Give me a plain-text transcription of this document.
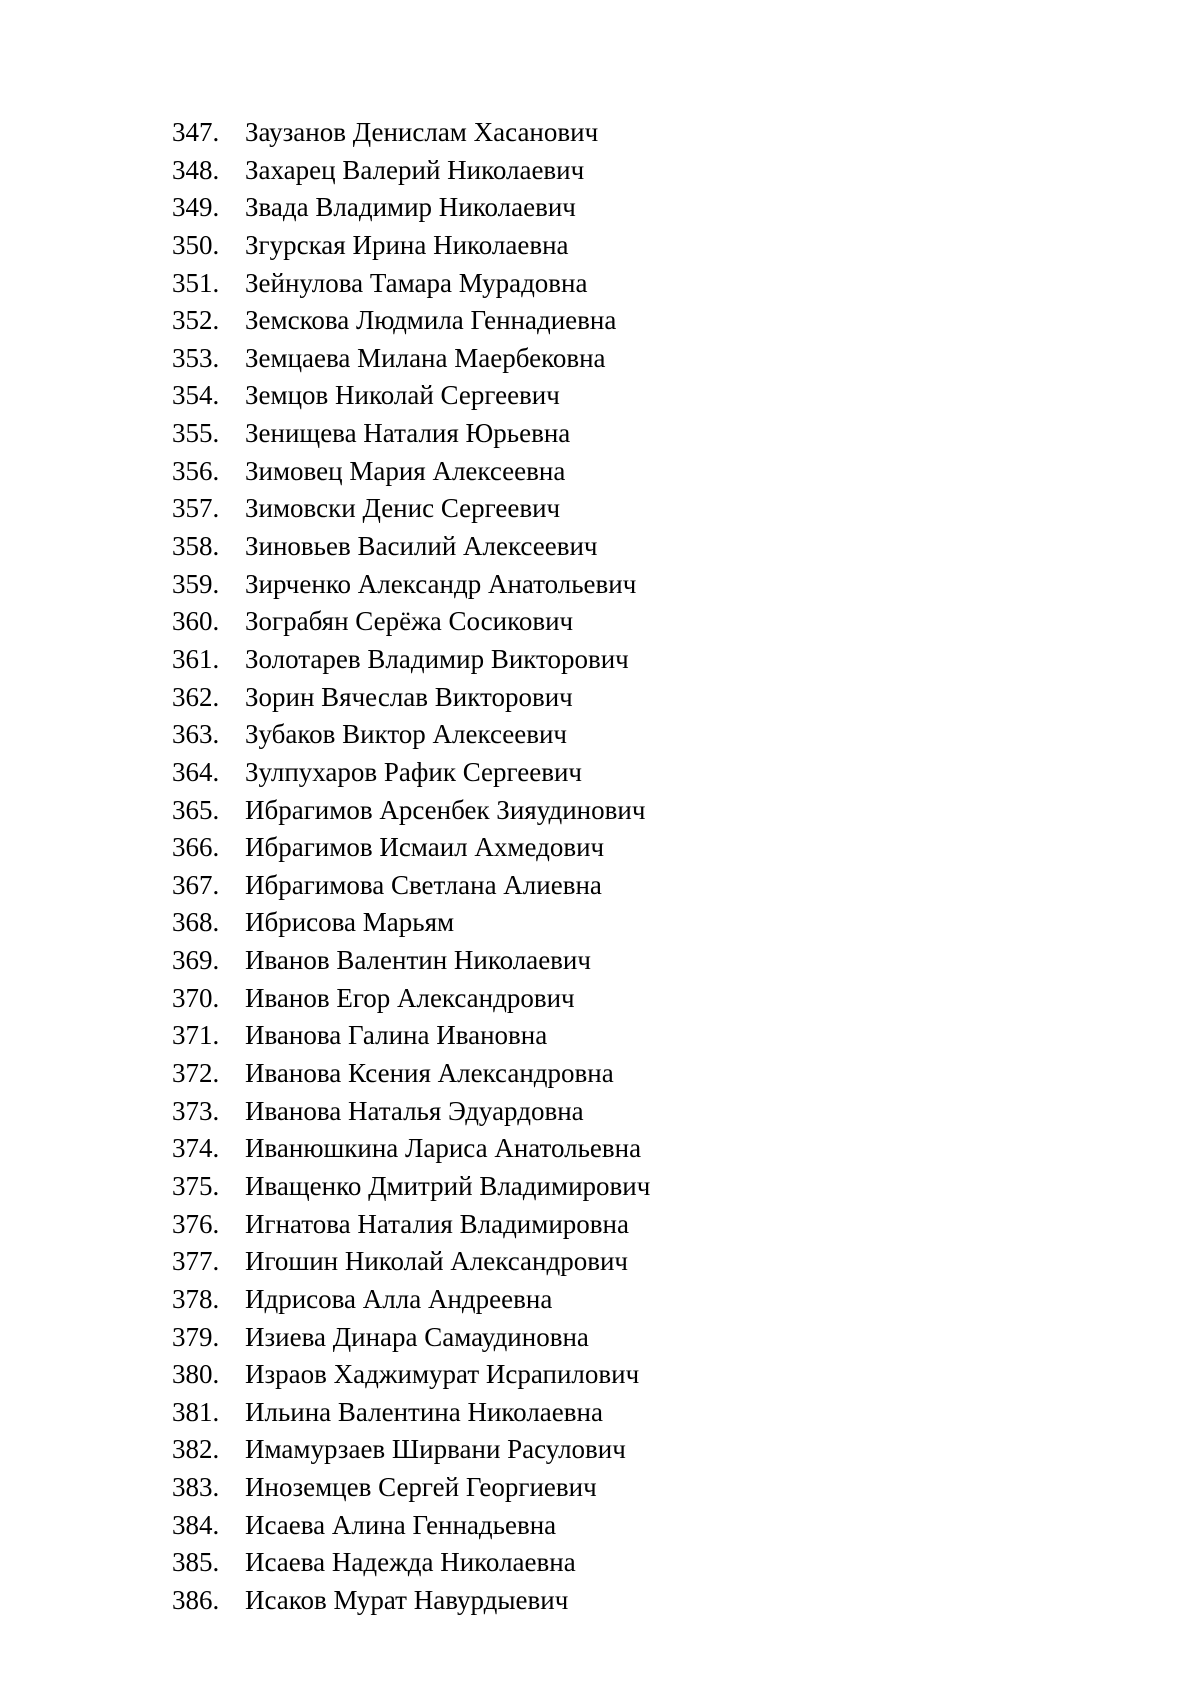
347. Заузанов Денислам Хасанович
348. Захарец Валерий Николаевич
349. Звада Владимир Николаевич
350. Згурская Ирина Николаевна
351. Зейнулова Тамара Мурадовна
352. Земскова Людмила Геннадиевна
353. Земцаева Милана Маербековна
354. Земцов Николай Сергеевич
355. Зенищева Наталия Юрьевна
356. Зимовец Мария Алексеевна
357. Зимовски Денис Сергеевич
358. Зиновьев Василий Алексеевич
359. Зирченко Александр Анатольевич
360. Зограбян Серёжа Сосикович
361. Золотарев Владимир Викторович
362. Зорин Вячеслав Викторович
363. Зубаков Виктор Алексеевич
364. Зулпухаров Рафик Сергеевич
365. Ибрагимов Арсенбек Зияудинович
366. Ибрагимов Исмаил Ахмедович
367. Ибрагимова Светлана Алиевна
368. Ибрисова Марьям
369. Иванов Валентин Николаевич
370. Иванов Егор Александрович
371. Иванова Галина Ивановна
372. Иванова Ксения Александровна
373. Иванова Наталья Эдуардовна
374. Иванюшкина Лариса Анатольевна
375. Иващенко Дмитрий Владимирович
376. Игнатова Наталия Владимировна
377. Игошин Николай Александрович
378. Идрисова Алла Андреевна
379. Изиева Динара Самаудиновна
380. Израов Хаджимурат Исрапилович
381. Ильина Валентина Николаевна
382. Имамурзаев Ширвани Расулович
383. Иноземцев Сергей Георгиевич
384. Исаева Алина Геннадьевна
385. Исаева Надежда Николаевна
386. Исаков Мурат Навурдыевич
